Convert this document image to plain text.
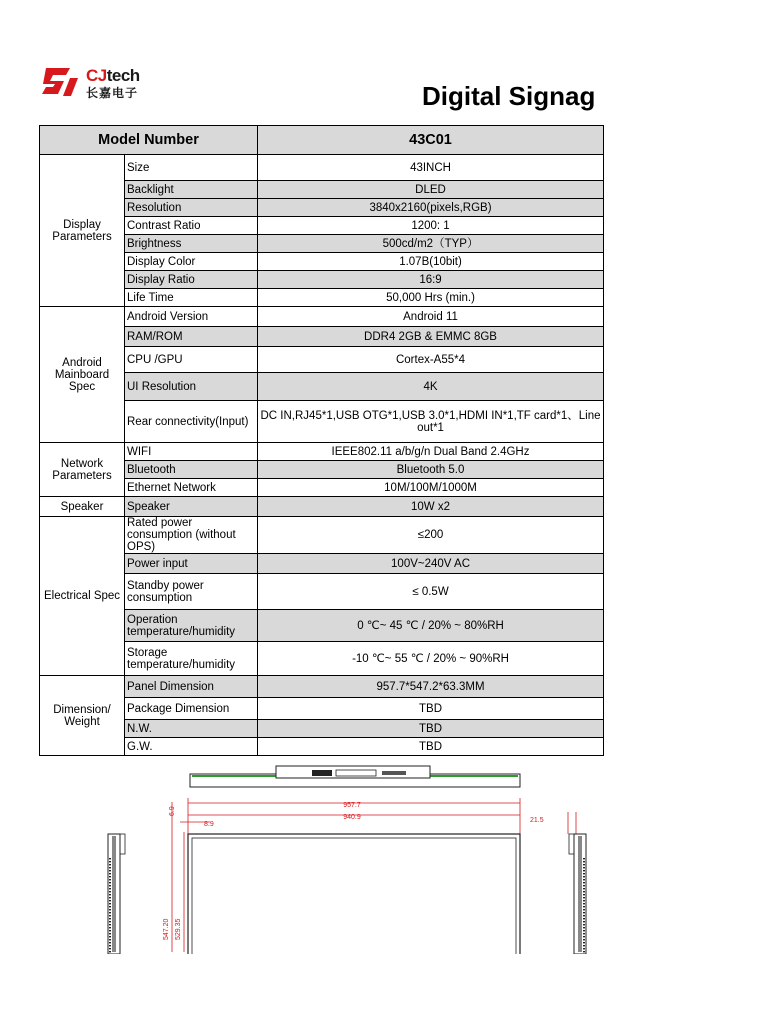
CJtech
长嘉电子	Digital Signag
Model Number		43C01
Display Parameters	Size	43INCH
	Backlight	DLED
	Resolution	3840x2160(pixels,RGB)
	Contrast Ratio	1200: 1
	Brightness	500cd/m2（TYP）
	Display Color	1.07B(10bit)
	Display Ratio	16:9
	Life Time	50,000 Hrs (min.)
Android Mainboard Spec	Android Version	Android 11
	RAM/ROM	DDR4 2GB & EMMC 8GB
	CPU /GPU	Cortex-A55*4
	UI Resolution	4K
	Rear connectivity(Input)	DC IN,RJ45*1,USB OTG*1,USB 3.0*1,HDMI IN*1,TF card*1、Line out*1
Network Parameters	WIFI	IEEE802.11 a/b/g/n Dual Band 2.4GHz
	Bluetooth	Bluetooth 5.0
	Ethernet Network	10M/100M/1000M
Speaker	Speaker	10W x2
Electrical Spec	Rated power consumption (without OPS)	≤200
	Power input	100V~240V AC
	Standby power consumption	≤ 0.5W
	Operation temperature/humidity	0 ℃~ 45 ℃ / 20% ~ 80%RH
	Storage temperature/humidity	-10 ℃~ 55 ℃ / 20% ~ 90%RH
Dimension/ Weight	Panel Dimension	957.7*547.2*63.3MM
	Package Dimension	TBD
	N.W.	TBD
	G.W.	TBD
957.7
940.9
8.9
6.9
21.5
547.20 529.35
